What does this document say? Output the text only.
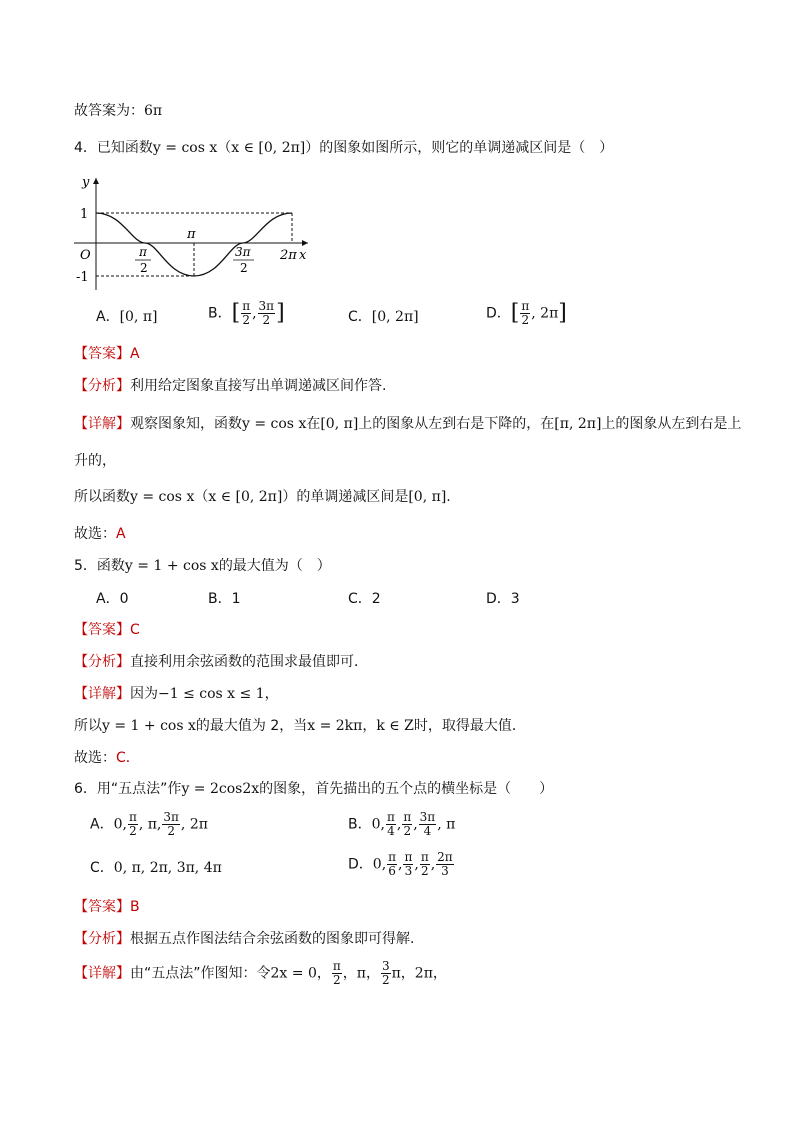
故答案为：6π
4．已知函数y = cos x（x ∈ [0, 2π]）的图象如图所示，则它的单调递减区间是（　）
y
x
O
1
-1
π
2π
π
2
3π
2
A．[0, π]	B．[ $\frac{\pi}{2}$ , $\frac{3\pi}{2}$ ]	C．[0, 2π]	D．[ $\frac{\pi}{2}$ , 2π]
【答案】A
【分析】利用给定图象直接写出单调递减区间作答.
【详解】观察图象知，函数y = cos x在[0, π]上的图象从左到右是下降的，在[π, 2π]上的图象从左到右是上
升的，
所以函数y = cos x（x ∈ [0, 2π]）的单调递减区间是[0, π].
故选：A
5．函数y = 1 + cos x的最大值为（　）
A．0	B．1	C．2	D．3
【答案】C
【分析】直接利用余弦函数的范围求最值即可．
【详解】因为−1 ≤ cos x ≤ 1，
所以y = 1 + cos x的最大值为 2，当x = 2kπ，k ∈ Z时，取得最大值．
故选：C．
6．用“五点法”作y = 2cos2x的图象，首先描出的五个点的横坐标是（　　）
A．0, $\frac{\pi}{2}$ , π, $\frac{3\pi}{2}$ , 2π	B．0, $\frac{\pi}{4}$ , $\frac{\pi}{2}$ , $\frac{3\pi}{4}$ , π
C．0, π, 2π, 3π, 4π	D．0, $\frac{\pi}{6}$ , $\frac{\pi}{3}$ , $\frac{\pi}{2}$ , $\frac{2\pi}{3}$
【答案】B
【分析】根据五点作图法结合余弦函数的图象即可得解.
【详解】由“五点法”作图知：令2x = 0， $\frac{\pi}{2}$ ，π， $\frac{3}{2}$ π，2π，
